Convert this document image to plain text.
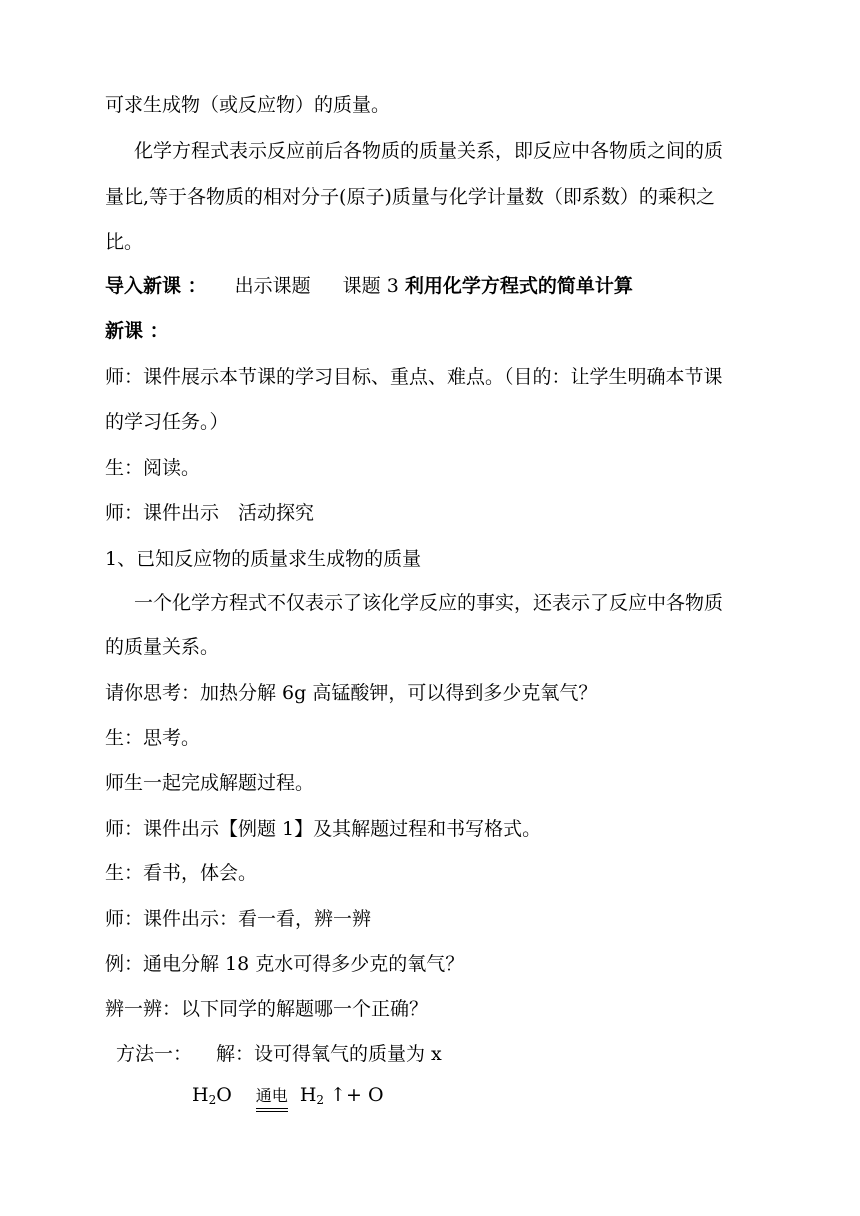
可求生成物（或反应物）的质量。
化学方程式表示反应前后各物质的质量关系，即反应中各物质之间的质
量比,等于各物质的相对分子(原子)质量与化学计量数（即系数）的乘积之
比。
导入新课 ： 出示课题 课题 3 利用化学方程式的简单计算
新课 ：
师：课件展示本节课的学习目标、重点、难点。（目的：让学生明确本节课
的学习任务。）
生：阅读。
师：课件出示　活动探究
1、已知反应物的质量求生成物的质量
一个化学方程式不仅表示了该化学反应的事实，还表示了反应中各物质
的质量关系。
请你思考：加热分解 6g 高锰酸钾，可以得到多少克氧气？
生：思考。
师生一起完成解题过程。
师：课件出示【例题 1】及其解题过程和书写格式。
生：看书，体会。
师：课件出示：看一看，辨一辨
例：通电分解 18 克水可得多少克的氧气？
辨一辨：以下同学的解题哪一个正确？
方法一： 解：设可得氧气的质量为 x
$H_2O$ 通电 $H_2$ ↑+ O
